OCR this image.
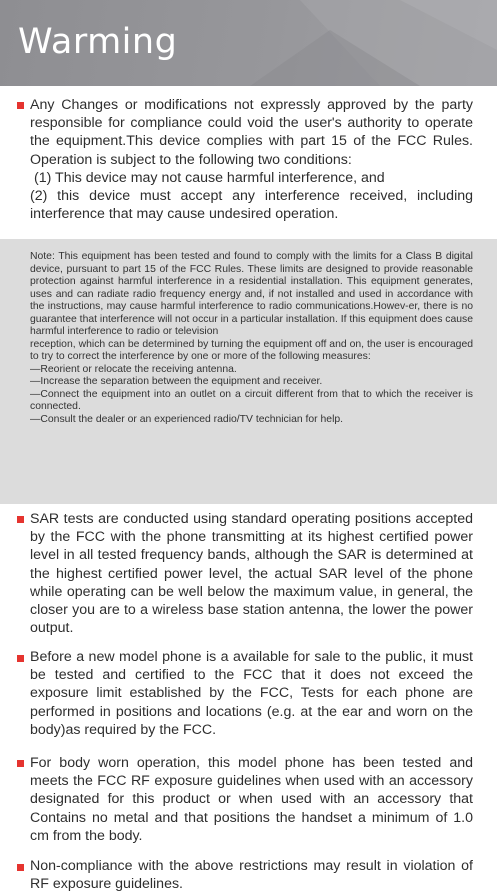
Warming
Any Changes or modifications not expressly approved by the party responsible for compliance could void the user's authority to operate the equipment.This device complies with part 15 of the FCC Rules. Operation is subject to the following two conditions:
(1) This device may not cause harmful interference, and
(2) this device must accept any interference received, including interference that may cause undesired operation.
Note: This equipment has been tested and found to comply with the limits for a Class B digital device, pursuant to part 15 of the FCC Rules. These limits are designed to provide reasonable protection against harmful interference in a residential installation. This equipment generates, uses and can radiate radio frequency energy and, if not installed and used in accordance with the instructions, may cause harmful interference to radio communications.Howev-er, there is no guarantee that interference will not occur in a particular installation. If this equipment does cause harmful interference to radio or television
reception, which can be determined by turning the equipment off and on, the user is encouraged to try to correct the interference by one or more of the following measures:
—Reorient or relocate the receiving antenna.
—Increase the separation between the equipment and receiver.
—Connect the equipment into an outlet on a circuit different from that to which the receiver is connected.
—Consult the dealer or an experienced radio/TV technician for help.
SAR tests are conducted using standard operating positions accepted by the FCC with the phone transmitting at its highest certified power level in all tested frequency bands, although the SAR is determined at the highest certified power level, the actual SAR level of the phone while operating can be well below the maximum value, in general, the closer you are to a wireless base station antenna, the lower the power output.
Before a new model phone is a available for sale to the public, it must be tested and certified to the FCC that it does not exceed the exposure limit established by the FCC, Tests for each phone are performed in positions and locations (e.g. at the ear and worn on the body)as required by the FCC.
For body worn operation, this model phone has been tested and meets the FCC RF exposure guidelines when used with an accessory designated for this product or when used with an accessory that Contains no metal and that positions the handset a minimum of 1.0 cm from the body.
Non-compliance with the above restrictions may result in violation of RF exposure guidelines.
